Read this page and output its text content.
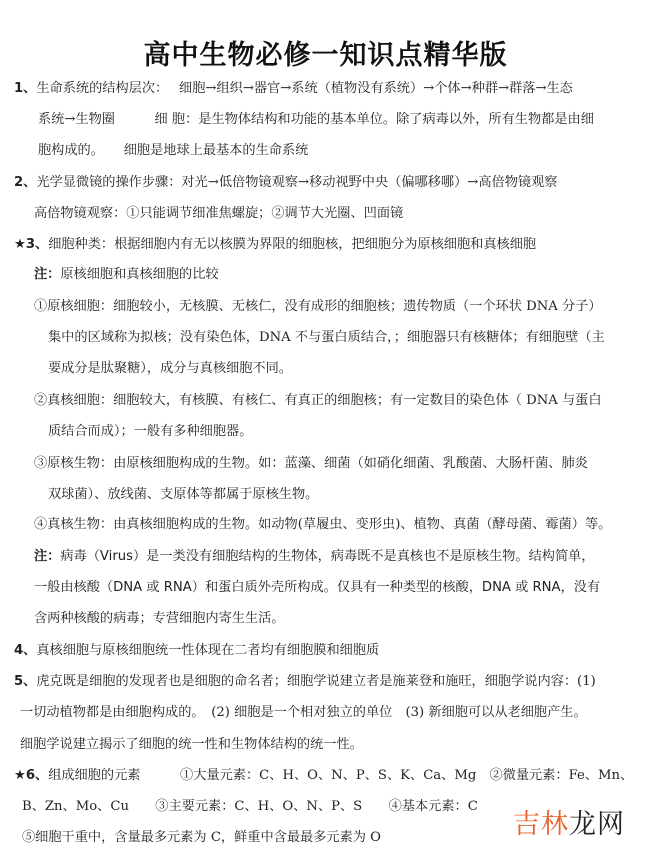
高中生物必修一知识点精华版
1、生命系统的结构层次：　 细胞→组织→器官→系统（植物没有系统）→个体→种群→群落→生态
系统→生物圈　　　细 胞：是生物体结构和功能的基本单位。除了病毒以外，所有生物都是由细
胞构成的。　　细胞是地球上最基本的生命系统
2、光学显微镜的操作步骤：对光→低倍物镜观察→移动视野中央（偏哪移哪）→高倍物镜观察
高倍物镜观察：①只能调节细准焦螺旋；②调节大光圈、凹面镜
★3、细胞种类：根据细胞内有无以核膜为界限的细胞核，把细胞分为原核细胞和真核细胞
注：原核细胞和真核细胞的比较
①原核细胞：细胞较小，无核膜、无核仁，没有成形的细胞核；遗传物质（一个环状 DNA 分子）
集中的区域称为拟核；没有染色体，DNA 不与蛋白质结合，；细胞器只有核糖体；有细胞壁（主
要成分是肽聚糖），成分与真核细胞不同。
②真核细胞：细胞较大，有核膜、有核仁、有真正的细胞核；有一定数目的染色体（ DNA 与蛋白
质结合而成）；一般有多种细胞器。
③原核生物：由原核细胞构成的生物。如：蓝藻、细菌（如硝化细菌、乳酸菌、大肠杆菌、肺炎
双球菌）、放线菌、支原体等都属于原核生物。
④真核生物：由真核细胞构成的生物。如动物(草履虫、变形虫)、植物、真菌（酵母菌、霉菌）等。
注：病毒（Virus）是一类没有细胞结构的生物体，病毒既不是真核也不是原核生物。结构简单，
一般由核酸（DNA 或 RNA）和蛋白质外壳所构成。仅具有一种类型的核酸，DNA 或 RNA，没有
含两种核酸的病毒；专营细胞内寄生生活。
4、真核细胞与原核细胞统一性体现在二者均有细胞膜和细胞质
5、虎克既是细胞的发现者也是细胞的命名者；细胞学说建立者是施莱登和施旺，细胞学说内容：(1)
一切动植物都是由细胞构成的。　(2) 细胞是一个相对独立的单位　(3) 新细胞可以从老细胞产生。
细胞学说建立揭示了细胞的统一性和生物体结构的统一性。
★6、组成细胞的元素　　　①大量元素：C、H、O、N、P、S、K、Ca、Mg　②微量元素：Fe、Mn、
B、Zn、Mo、Cu　　③主要元素：C、H、O、N、P、S　　④基本元素：C
⑤细胞干重中，含量最多元素为 C，鲜重中含最最多元素为 O	吉林龙网
